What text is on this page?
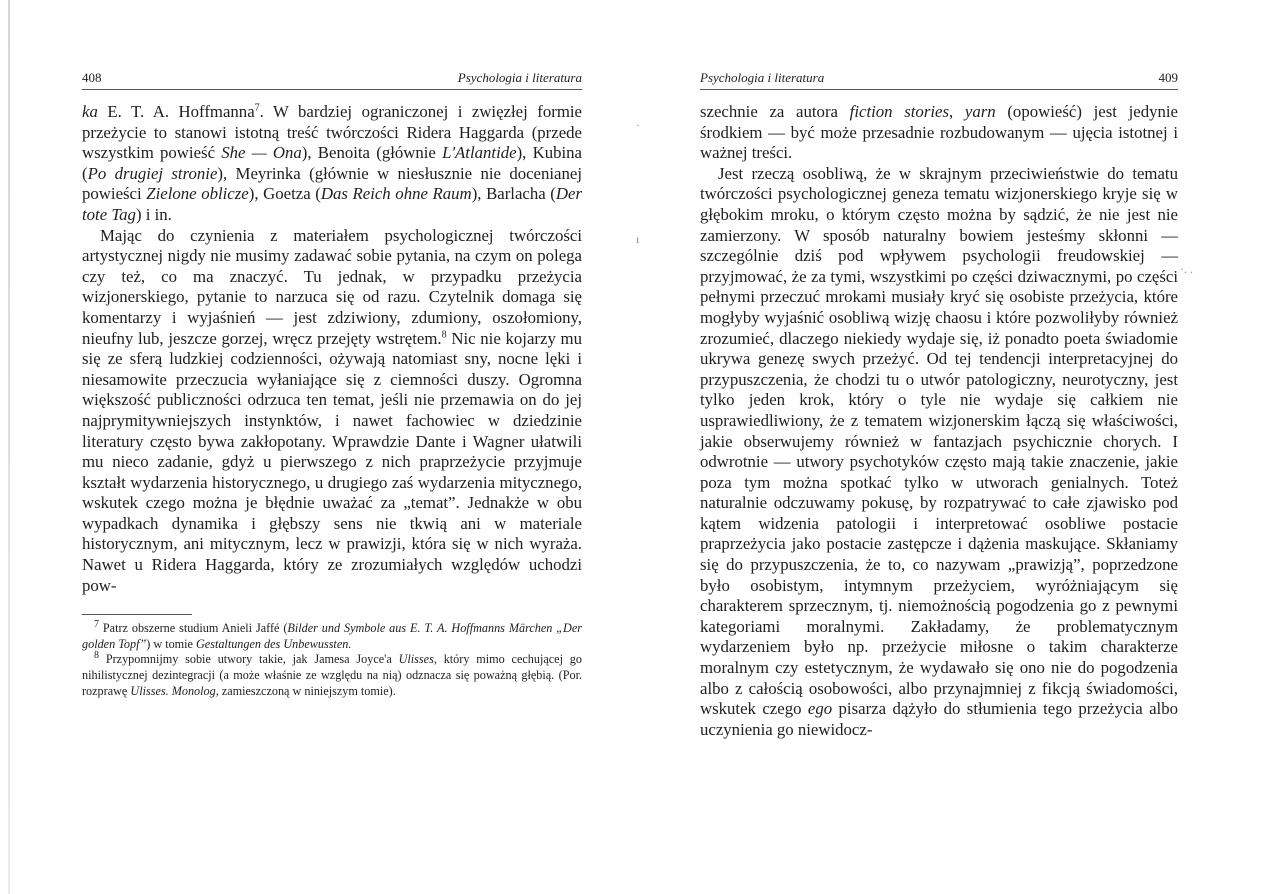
408	Psychologia i literatura

ka E. T. A. Hoffmanna$^7$. W bardziej ograniczonej i zwięzłej formie przeżycie to stanowi istotną treść twórczości Ridera Haggarda (przede wszystkim powieść She — Ona), Benoita (głównie L'Atlantide), Kubina (Po drugiej stronie), Meyrinka (głównie w niesłusznie nie docenianej powieści Zielone oblicze), Goetza (Das Reich ohne Raum), Barlacha (Der tote Tag) i in.

Mając do czynienia z materiałem psychologicznej twórczości artystycznej nigdy nie musimy zadawać sobie pytania, na czym on polega czy też, co ma znaczyć. Tu jednak, w przypadku przeżycia wizjonerskiego, pytanie to narzuca się od razu. Czytelnik domaga się komentarzy i wyjaśnień — jest zdziwiony, zdumiony, oszołomiony, nieufny lub, jeszcze gorzej, wręcz przejęty wstrętem.$^8$ Nic nie kojarzy mu się ze sferą ludzkiej codzienności, ożywają natomiast sny, nocne lęki i niesamowite przeczucia wyłaniające się z ciemności duszy. Ogromna większość publiczności odrzuca ten temat, jeśli nie przemawia on do jej najprymitywniejszych instynktów, i nawet fachowiec w dziedzinie literatury często bywa zakłopotany. Wprawdzie Dante i Wagner ułatwili mu nieco zadanie, gdyż u pierwszego z nich praprzeżycie przyjmuje kształt wydarzenia historycznego, u drugiego zaś wydarzenia mitycznego, wskutek czego można je błędnie uważać za „temat”. Jednakże w obu wypadkach dynamika i głębszy sens nie tkwią ani w materiale historycznym, ani mitycznym, lecz w prawizji, która się w nich wyraża. Nawet u Ridera Haggarda, który ze zrozumiałych względów uchodzi pow-

$^7$ Patrz obszerne studium Anieli Jaffé (Bilder und Symbole aus E. T. A. Hoffmanns Märchen „Der golden Topf”) w tomie Gestaltungen des Unbewussten.

$^8$ Przypomnijmy sobie utwory takie, jak Jamesa Joyce'a Ulisses, który mimo cechującej go nihilistycznej dezintegracji (a może właśnie ze względu na nią) odznacza się poważną głębią. (Por. rozprawę Ulisses. Monolog, zamieszczoną w niniejszym tomie).

Psychologia i literatura	409

szechnie za autora fiction stories, yarn (opowieść) jest jedynie środkiem — być może przesadnie rozbudowanym — ujęcia istotnej i ważnej treści.

Jest rzeczą osobliwą, że w skrajnym przeciwieństwie do tematu twórczości psychologicznej geneza tematu wizjonerskiego kryje się w głębokim mroku, o którym często można by sądzić, że nie jest nie zamierzony. W sposób naturalny bowiem jesteśmy skłonni — szczególnie dziś pod wpływem psychologii freudowskiej — przyjmować, że za tymi, wszystkimi po części dziwacznymi, po części pełnymi przeczuć mrokami musiały kryć się osobiste przeżycia, które mogłyby wyjaśnić osobliwą wizję chaosu i które pozwoliłyby również zrozumieć, dlaczego niekiedy wydaje się, iż ponadto poeta świadomie ukrywa genezę swych przeżyć. Od tej tendencji interpretacyjnej do przypuszczenia, że chodzi tu o utwór patologiczny, neurotyczny, jest tylko jeden krok, który o tyle nie wydaje się całkiem nie usprawiedliwiony, że z tematem wizjonerskim łączą się właściwości, jakie obserwujemy również w fantazjach psychicznie chorych. I odwrotnie — utwory psychotyków często mają takie znaczenie, jakie poza tym można spotkać tylko w utworach genialnych. Toteż naturalnie odczuwamy pokusę, by rozpatrywać to całe zjawisko pod kątem widzenia patologii i interpretować osobliwe postacie praprzeżycia jako postacie zastępcze i dążenia maskujące. Skłaniamy się do przypuszczenia, że to, co nazywam „prawizją”, poprzedzone było osobistym, intymnym przeżyciem, wyróżniającym się charakterem sprzecznym, tj. niemożnością pogodzenia go z pewnymi kategoriami moralnymi. Zakładamy, że problematycznym wydarzeniem było np. przeżycie miłosne o takim charakterze moralnym czy estetycznym, że wydawało się ono nie do pogodzenia albo z całością osobowości, albo przynajmniej z fikcją świadomości, wskutek czego ego pisarza dążyło do stłumienia tego przeżycia albo uczynienia go niewidocz-

·
ı
·. .
